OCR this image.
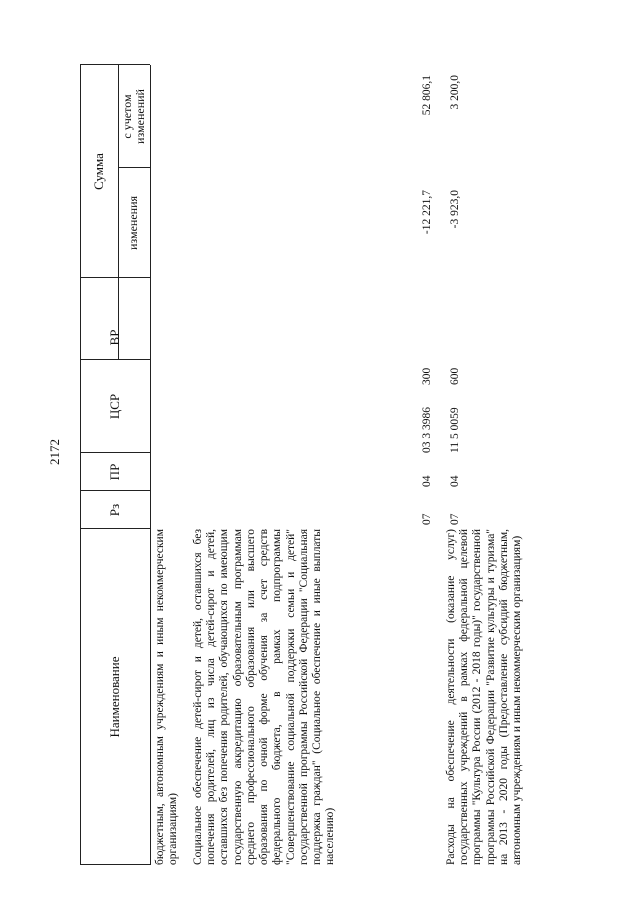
2172
Наименование
Рз
ПР
ЦСР
ВР
Сумма
изменения
с учетом изменений
бюджетным, автономным учреждениям и иным некоммерческим организациям) Социальное обеспечение детей-сирот и детей, оставшихся без попечения родителей, лиц из числа детей-сирот и детей, оставшихся без попечения родителей, обучающихся по имеющим государственную аккредитацию образовательным программам среднего профессионального образования или высшего образования по очной форме обучения за счет средств федерального бюджета, в рамках подпрограммы "Совершенствование социальной поддержки семьи и детей" государственной программы Российской Федерации "Социальная поддержка граждан" (Социальное обеспечение и иные выплаты населению)
07
04
03 3 3986
300
-12 221,7
52 806,1
Расходы на обеспечение деятельности (оказание услуг) государственных учреждений в рамках федеральной целевой программы "Культура России (2012 - 2018 годы)" государственной программы Российской Федерации "Развитие культуры и туризма" на 2013 - 2020 годы (Предоставление субсидий бюджетным, автономным учреждениям и иным некоммерческим организациям)
07
04
11 5 0059
600
-3 923,0
3 200,0
